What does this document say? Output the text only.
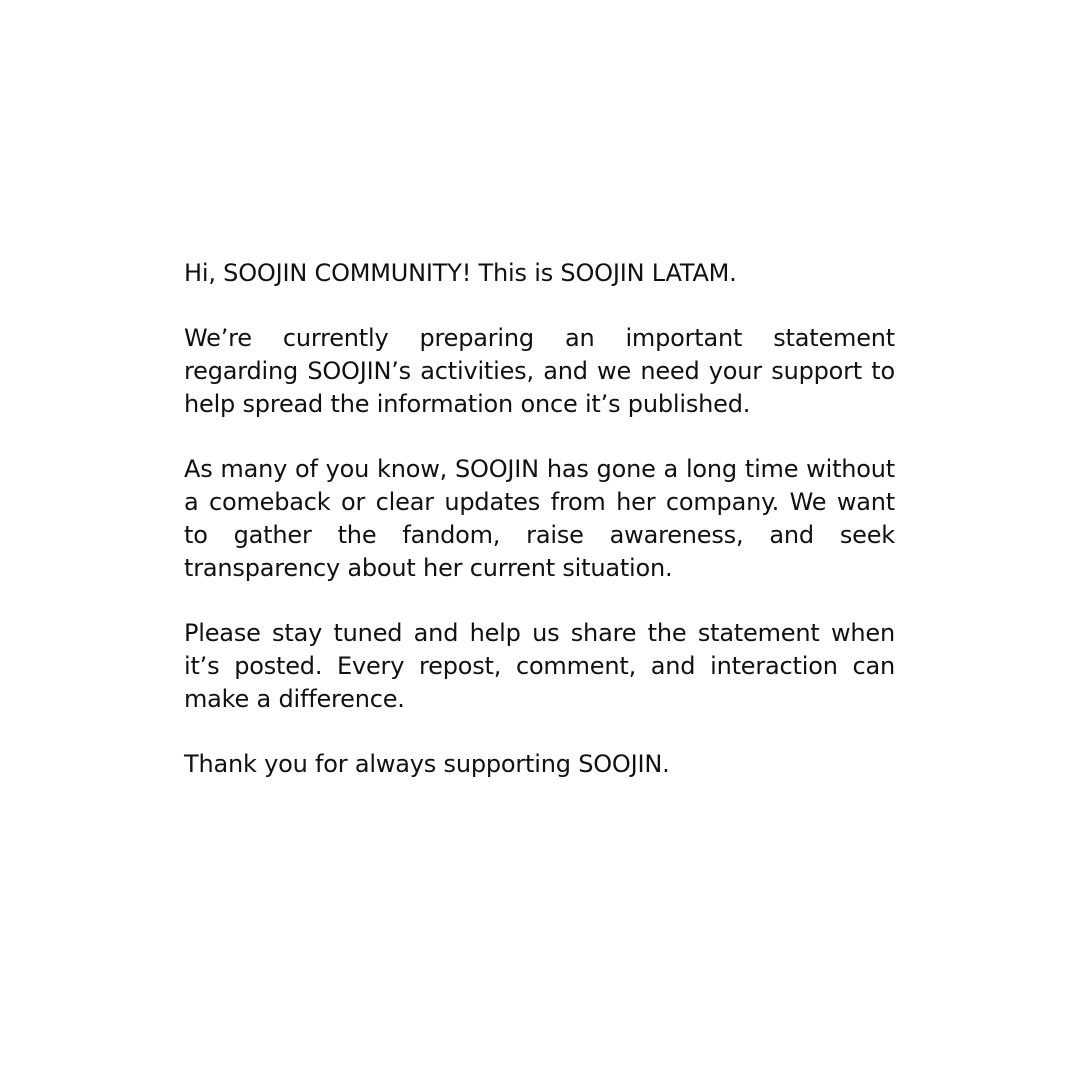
Hi, SOOJIN COMMUNITY! This is SOOJIN LATAM.

We’re currently preparing an important statement regarding SOOJIN’s activities, and we need your support to help spread the information once it’s published.

As many of you know, SOOJIN has gone a long time without a comeback or clear updates from her company. We want to gather the fandom, raise awareness, and seek transparency about her current situation.

Please stay tuned and help us share the statement when it’s posted. Every repost, comment, and interaction can make a difference.

Thank you for always supporting SOOJIN.
